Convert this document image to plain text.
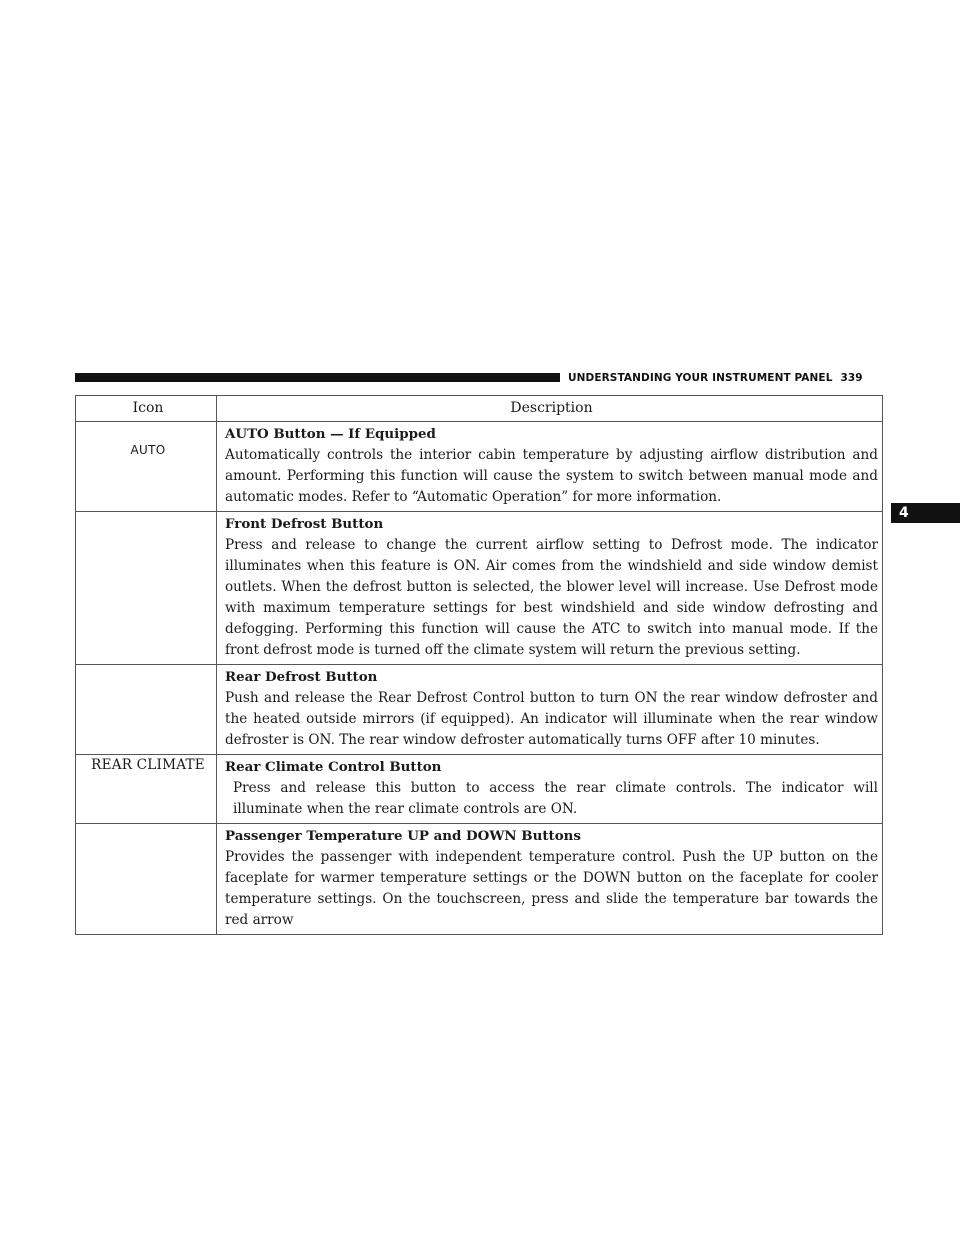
UNDERSTANDING YOUR INSTRUMENT PANEL 339
4
Icon	Description
AUTO	AUTO Button — If Equipped
Automatically controls the interior cabin temperature by adjusting airflow distribution and amount. Performing this function will cause the system to switch between manual mode and automatic modes. Refer to “Automatic Operation” for more information.

	Front Defrost Button
Press and release to change the current airflow setting to Defrost mode. The indicator illuminates when this feature is ON. Air comes from the windshield and side window demist outlets. When the defrost button is selected, the blower level will increase. Use Defrost mode with maximum temperature settings for best windshield and side window defrosting and defogging. Performing this function will cause the ATC to switch into manual mode. If the front defrost mode is turned off the climate system will return the previous setting.

	Rear Defrost Button
Push and release the Rear Defrost Control button to turn ON the rear window defroster and the heated outside mirrors (if equipped). An indicator will illuminate when the rear window defroster is ON. The rear window defroster automatically turns OFF after 10 minutes.

REAR CLIMATE	Rear Climate Control Button
Press and release this button to access the rear climate controls. The indicator will illuminate when the rear climate controls are ON.

	Passenger Temperature UP and DOWN Buttons
Provides the passenger with independent temperature control. Push the UP button on the faceplate for warmer temperature settings or the DOWN button on the faceplate for cooler temperature settings. On the touchscreen, press and slide the temperature bar towards the red arrow
